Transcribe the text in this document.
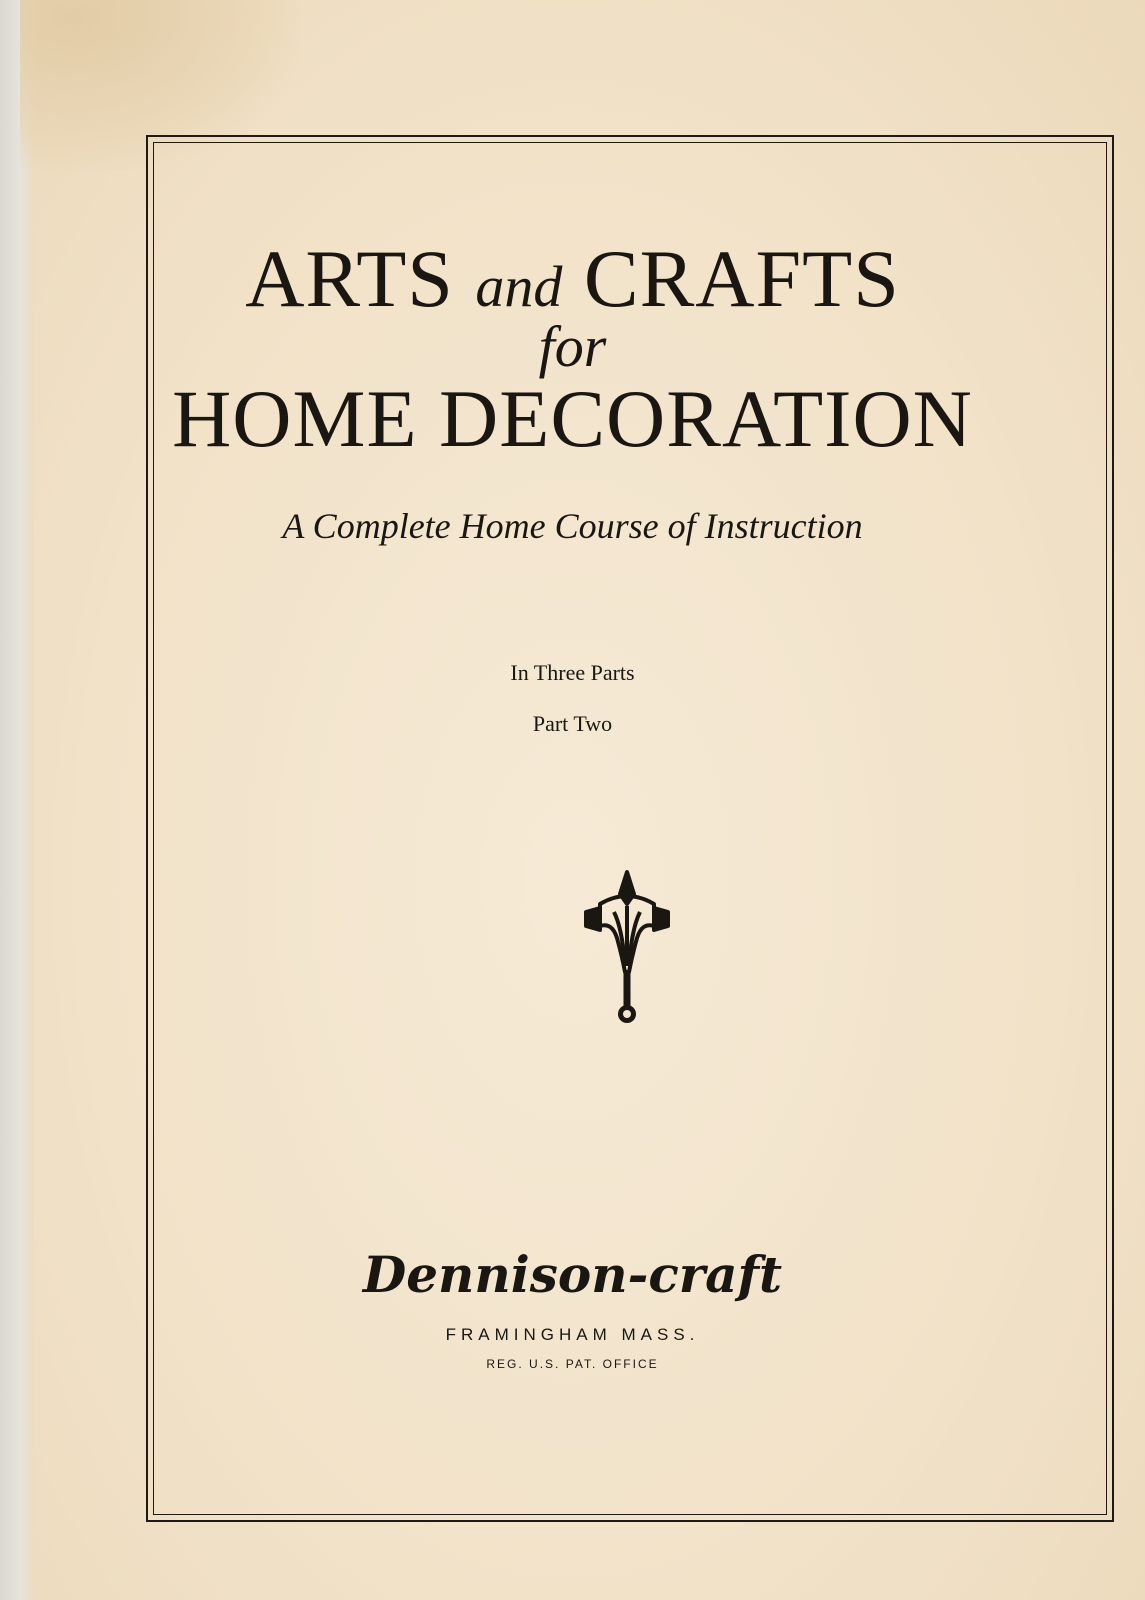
ARTS and CRAFTS
for
HOME DECORATION
A Complete Home Course of Instruction
In Three Parts
Part Two
Dennison-craft
FRAMINGHAM MASS.
REG. U.S. PAT. OFFICE
